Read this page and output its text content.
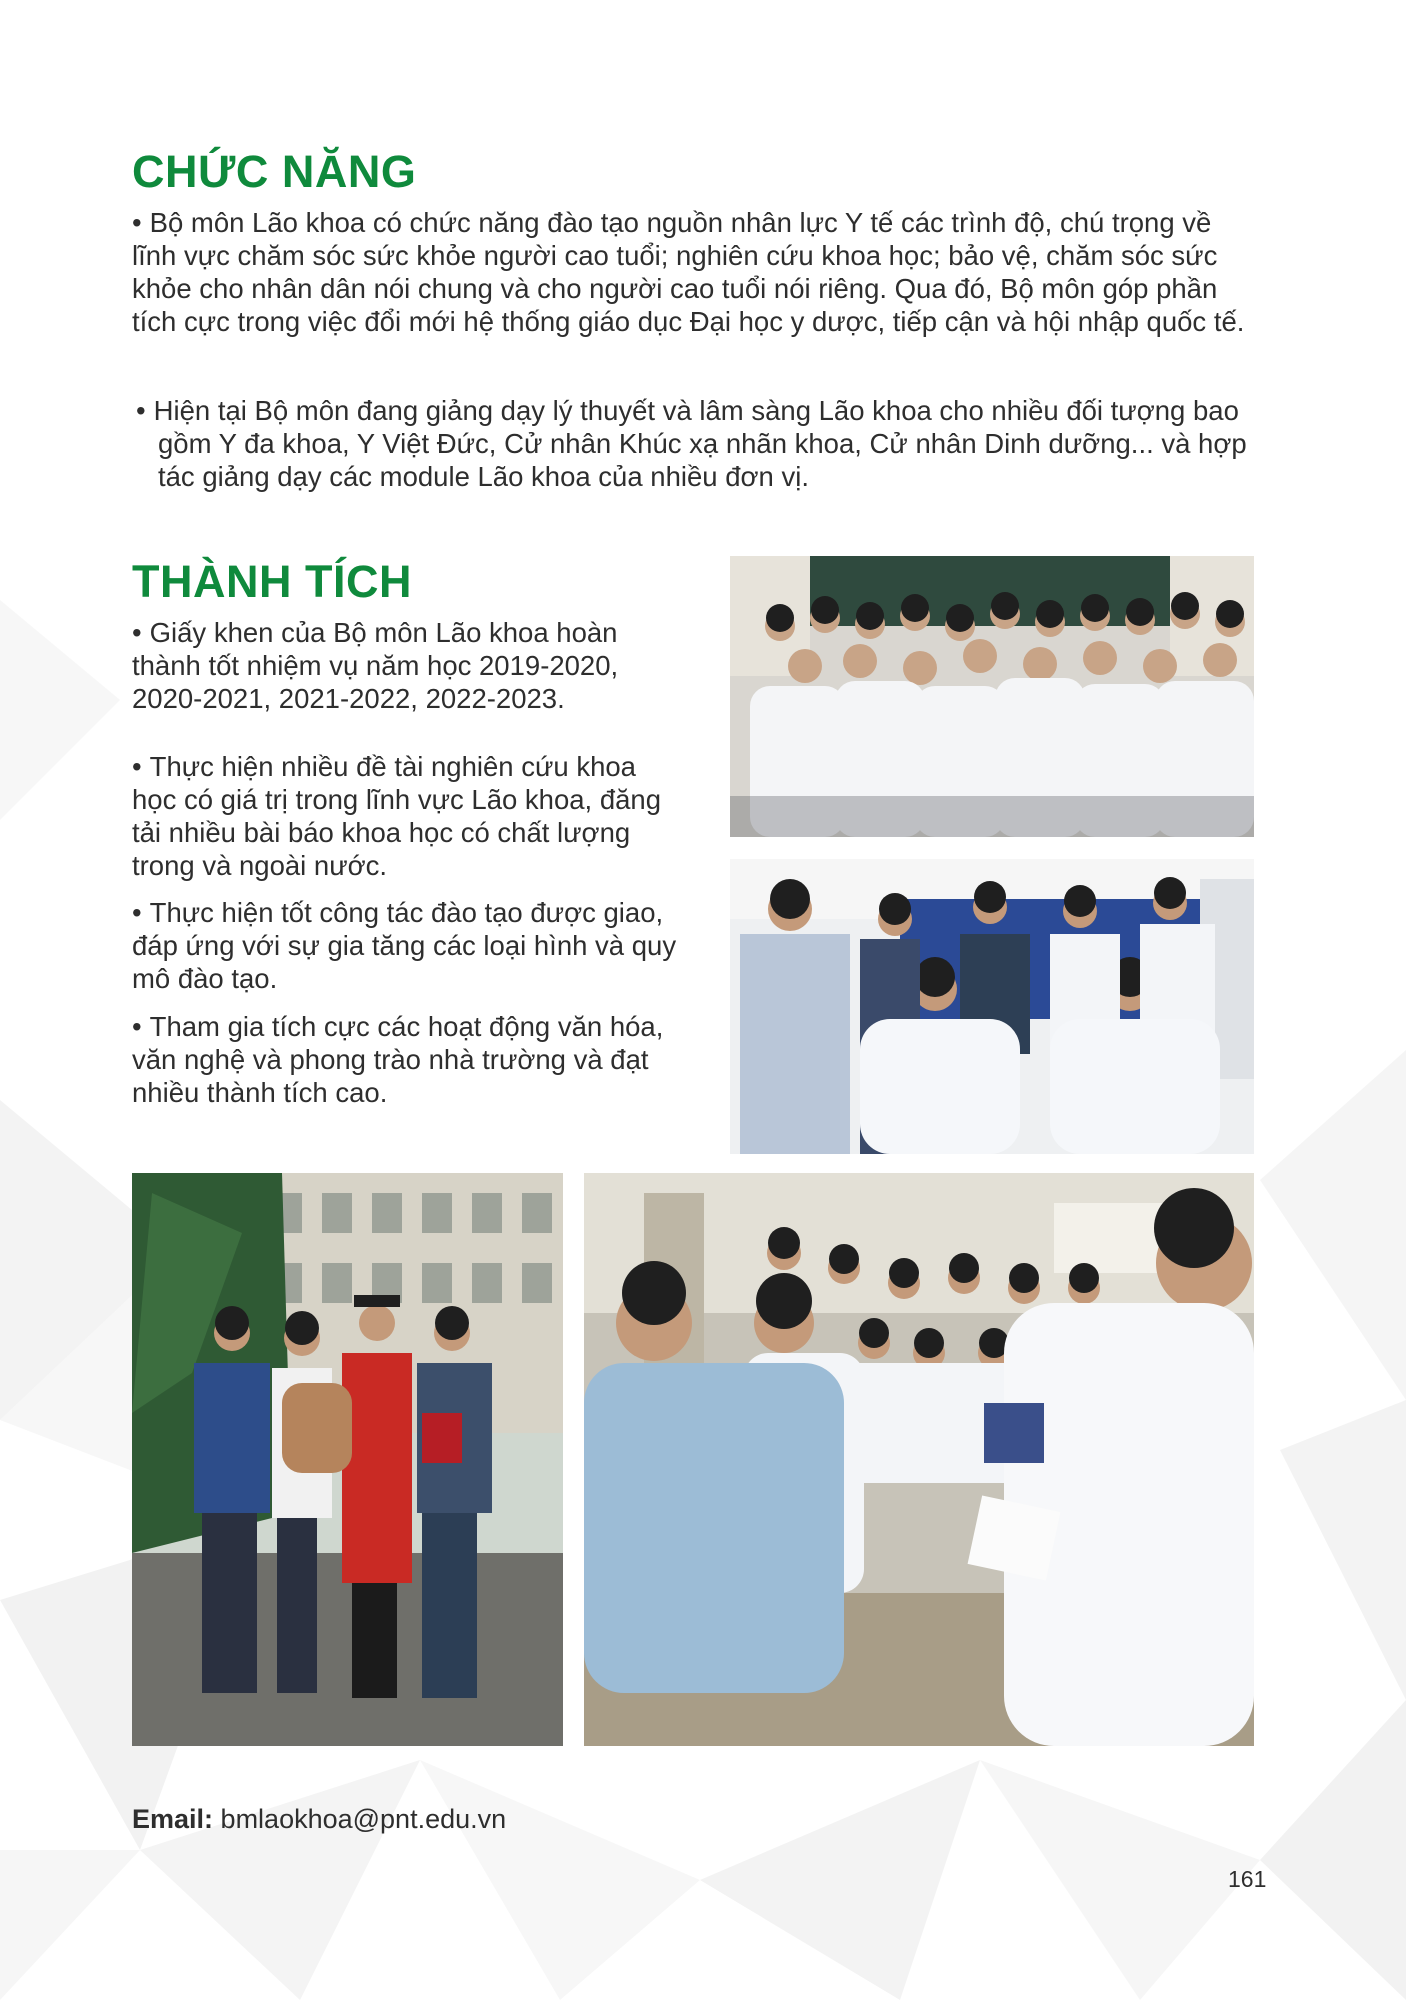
CHỨC NĂNG

• Bộ môn Lão khoa có chức năng đào tạo nguồn nhân lực Y tế các trình độ, chú trọng về lĩnh vực chăm sóc sức khỏe người cao tuổi; nghiên cứu khoa học; bảo vệ, chăm sóc sức khỏe cho nhân dân nói chung và cho người cao tuổi nói riêng. Qua đó, Bộ môn góp phần tích cực trong việc đổi mới hệ thống giáo dục Đại học y dược, tiếp cận và hội nhập quốc tế.

• Hiện tại Bộ môn đang giảng dạy lý thuyết và lâm sàng Lão khoa cho nhiều đối tượng bao gồm Y đa khoa, Y Việt Đức, Cử nhân Khúc xạ nhãn khoa, Cử nhân Dinh dưỡng... và hợp tác giảng dạy các module Lão khoa của nhiều đơn vị.

THÀNH TÍCH

• Giấy khen của Bộ môn Lão khoa hoàn thành tốt nhiệm vụ năm học 2019-2020, 2020-2021, 2021-2022, 2022-2023.

• Thực hiện nhiều đề tài nghiên cứu khoa học có giá trị trong lĩnh vực Lão khoa, đăng tải nhiều bài báo khoa học có chất lượng trong và ngoài nước.

• Thực hiện tốt công tác đào tạo được giao, đáp ứng với sự gia tăng các loại hình và quy mô đào tạo.

• Tham gia tích cực các hoạt động văn hóa, văn nghệ và phong trào nhà trường và đạt nhiều thành tích cao.

Email: bmlaokhoa@pnt.edu.vn

161
